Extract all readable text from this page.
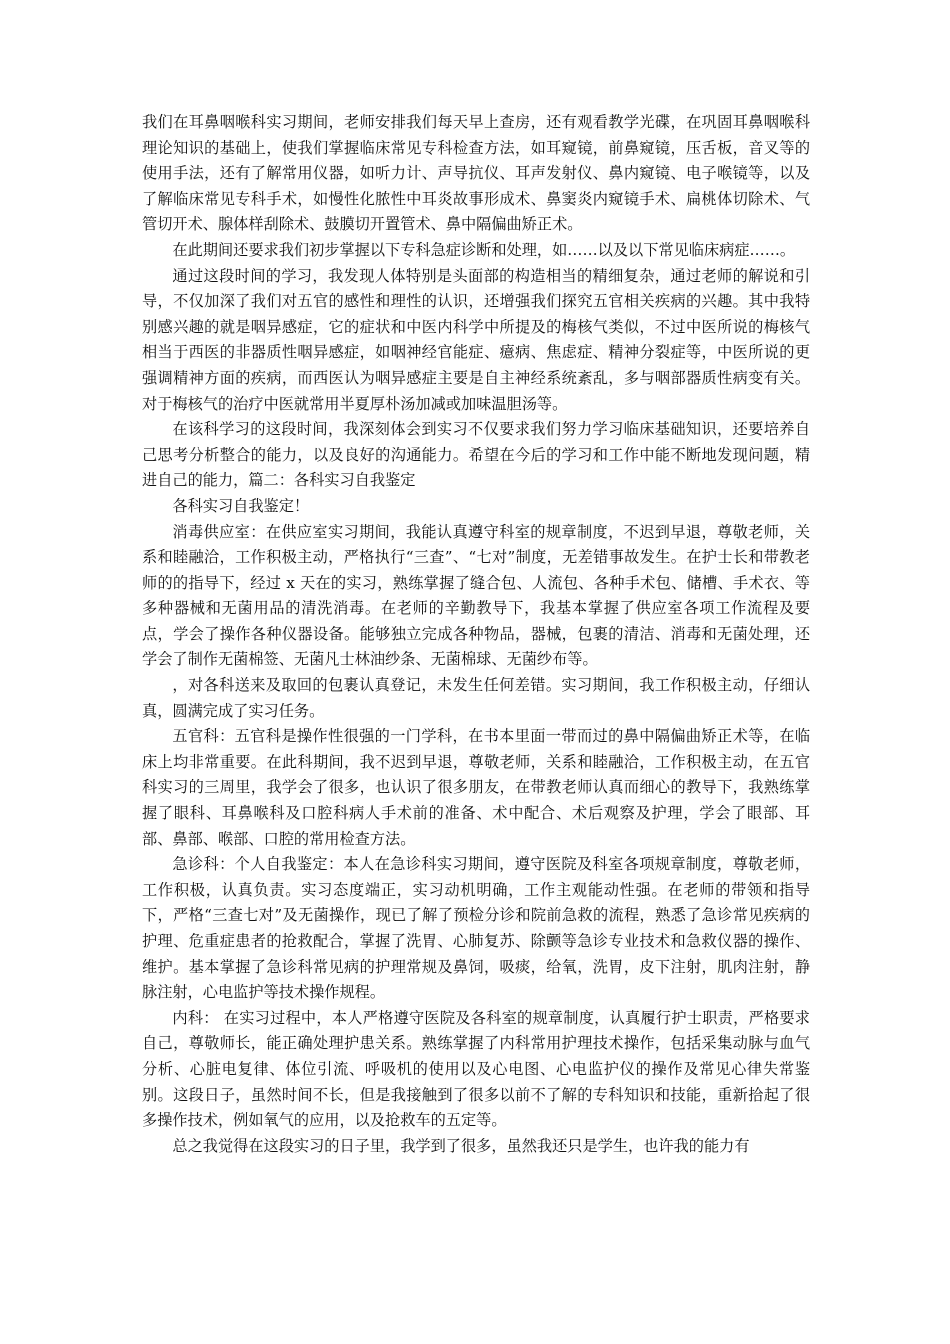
我们在耳鼻咽喉科实习期间，老师安排我们每天早上查房，还有观看教学光碟，在巩固耳鼻咽喉科理论知识的基础上，使我们掌握临床常见专科检查方法，如耳窥镜，前鼻窥镜，压舌板，音叉等的使用手法，还有了解常用仪器，如听力计、声导抗仪、耳声发射仪、鼻内窥镜、电子喉镜等，以及了解临床常见专科手术，如慢性化脓性中耳炎故事形成术、鼻窦炎内窥镜手术、扁桃体切除术、气管切开术、腺体样刮除术、鼓膜切开置管术、鼻中隔偏曲矫正术。

在此期间还要求我们初步掌握以下专科急症诊断和处理，如……以及以下常见临床病症……。

通过这段时间的学习，我发现人体特别是头面部的构造相当的精细复杂，通过老师的解说和引导，不仅加深了我们对五官的感性和理性的认识，还增强我们探究五官相关疾病的兴趣。其中我特别感兴趣的就是咽异感症，它的症状和中医内科学中所提及的梅核气类似，不过中医所说的梅核气相当于西医的非器质性咽异感症，如咽神经官能症、癔病、焦虑症、精神分裂症等，中医所说的更强调精神方面的疾病，而西医认为咽异感症主要是自主神经系统紊乱，多与咽部器质性病变有关。对于梅核气的治疗中医就常用半夏厚朴汤加减或加味温胆汤等。

在该科学习的这段时间，我深刻体会到实习不仅要求我们努力学习临床基础知识，还要培养自己思考分析整合的能力，以及良好的沟通能力。希望在今后的学习和工作中能不断地发现问题，精进自己的能力，篇二：各科实习自我鉴定

各科实习自我鉴定！

消毒供应室：在供应室实习期间，我能认真遵守科室的规章制度，不迟到早退，尊敬老师，关系和睦融洽，工作积极主动，严格执行“三查”、“七对”制度，无差错事故发生。在护士长和带教老师的的指导下，经过 x 天在的实习，熟练掌握了缝合包、人流包、各种手术包、储槽、手术衣、等多种器械和无菌用品的清洗消毒。在老师的辛勤教导下，我基本掌握了供应室各项工作流程及要点，学会了操作各种仪器设备。能够独立完成各种物品，器械，包裹的清洁、消毒和无菌处理，还学会了制作无菌棉签、无菌凡士林油纱条、无菌棉球、无菌纱布等。

，对各科送来及取回的包裹认真登记，未发生任何差错。实习期间，我工作积极主动，仔细认真，圆满完成了实习任务。

五官科：五官科是操作性很强的一门学科，在书本里面一带而过的鼻中隔偏曲矫正术等，在临床上均非常重要。在此科期间，我不迟到早退，尊敬老师，关系和睦融洽，工作积极主动，在五官科实习的三周里，我学会了很多，也认识了很多朋友，在带教老师认真而细心的教导下，我熟练掌握了眼科、耳鼻喉科及口腔科病人手术前的准备、术中配合、术后观察及护理，学会了眼部、耳部、鼻部、喉部、口腔的常用检查方法。

急诊科：个人自我鉴定：本人在急诊科实习期间，遵守医院及科室各项规章制度，尊敬老师，工作积极，认真负责。实习态度端正，实习动机明确，工作主观能动性强。在老师的带领和指导下，严格“三查七对”及无菌操作，现已了解了预检分诊和院前急救的流程，熟悉了急诊常见疾病的护理、危重症患者的抢救配合，掌握了洗胃、心肺复苏、除颤等急诊专业技术和急救仪器的操作、维护。基本掌握了急诊科常见病的护理常规及鼻饲，吸痰，给氧，洗胃，皮下注射，肌肉注射，静脉注射，心电监护等技术操作规程。

内科： 在实习过程中，本人严格遵守医院及各科室的规章制度，认真履行护士职责，严格要求自己，尊敬师长，能正确处理护患关系。熟练掌握了内科常用护理技术操作，包括采集动脉与血气分析、心脏电复律、体位引流、呼吸机的使用以及心电图、心电监护仪的操作及常见心律失常鉴别。这段日子，虽然时间不长，但是我接触到了很多以前不了解的专科知识和技能，重新拾起了很多操作技术，例如氧气的应用，以及抢救车的五定等。

总之我觉得在这段实习的日子里，我学到了很多，虽然我还只是学生，也许我的能力有
